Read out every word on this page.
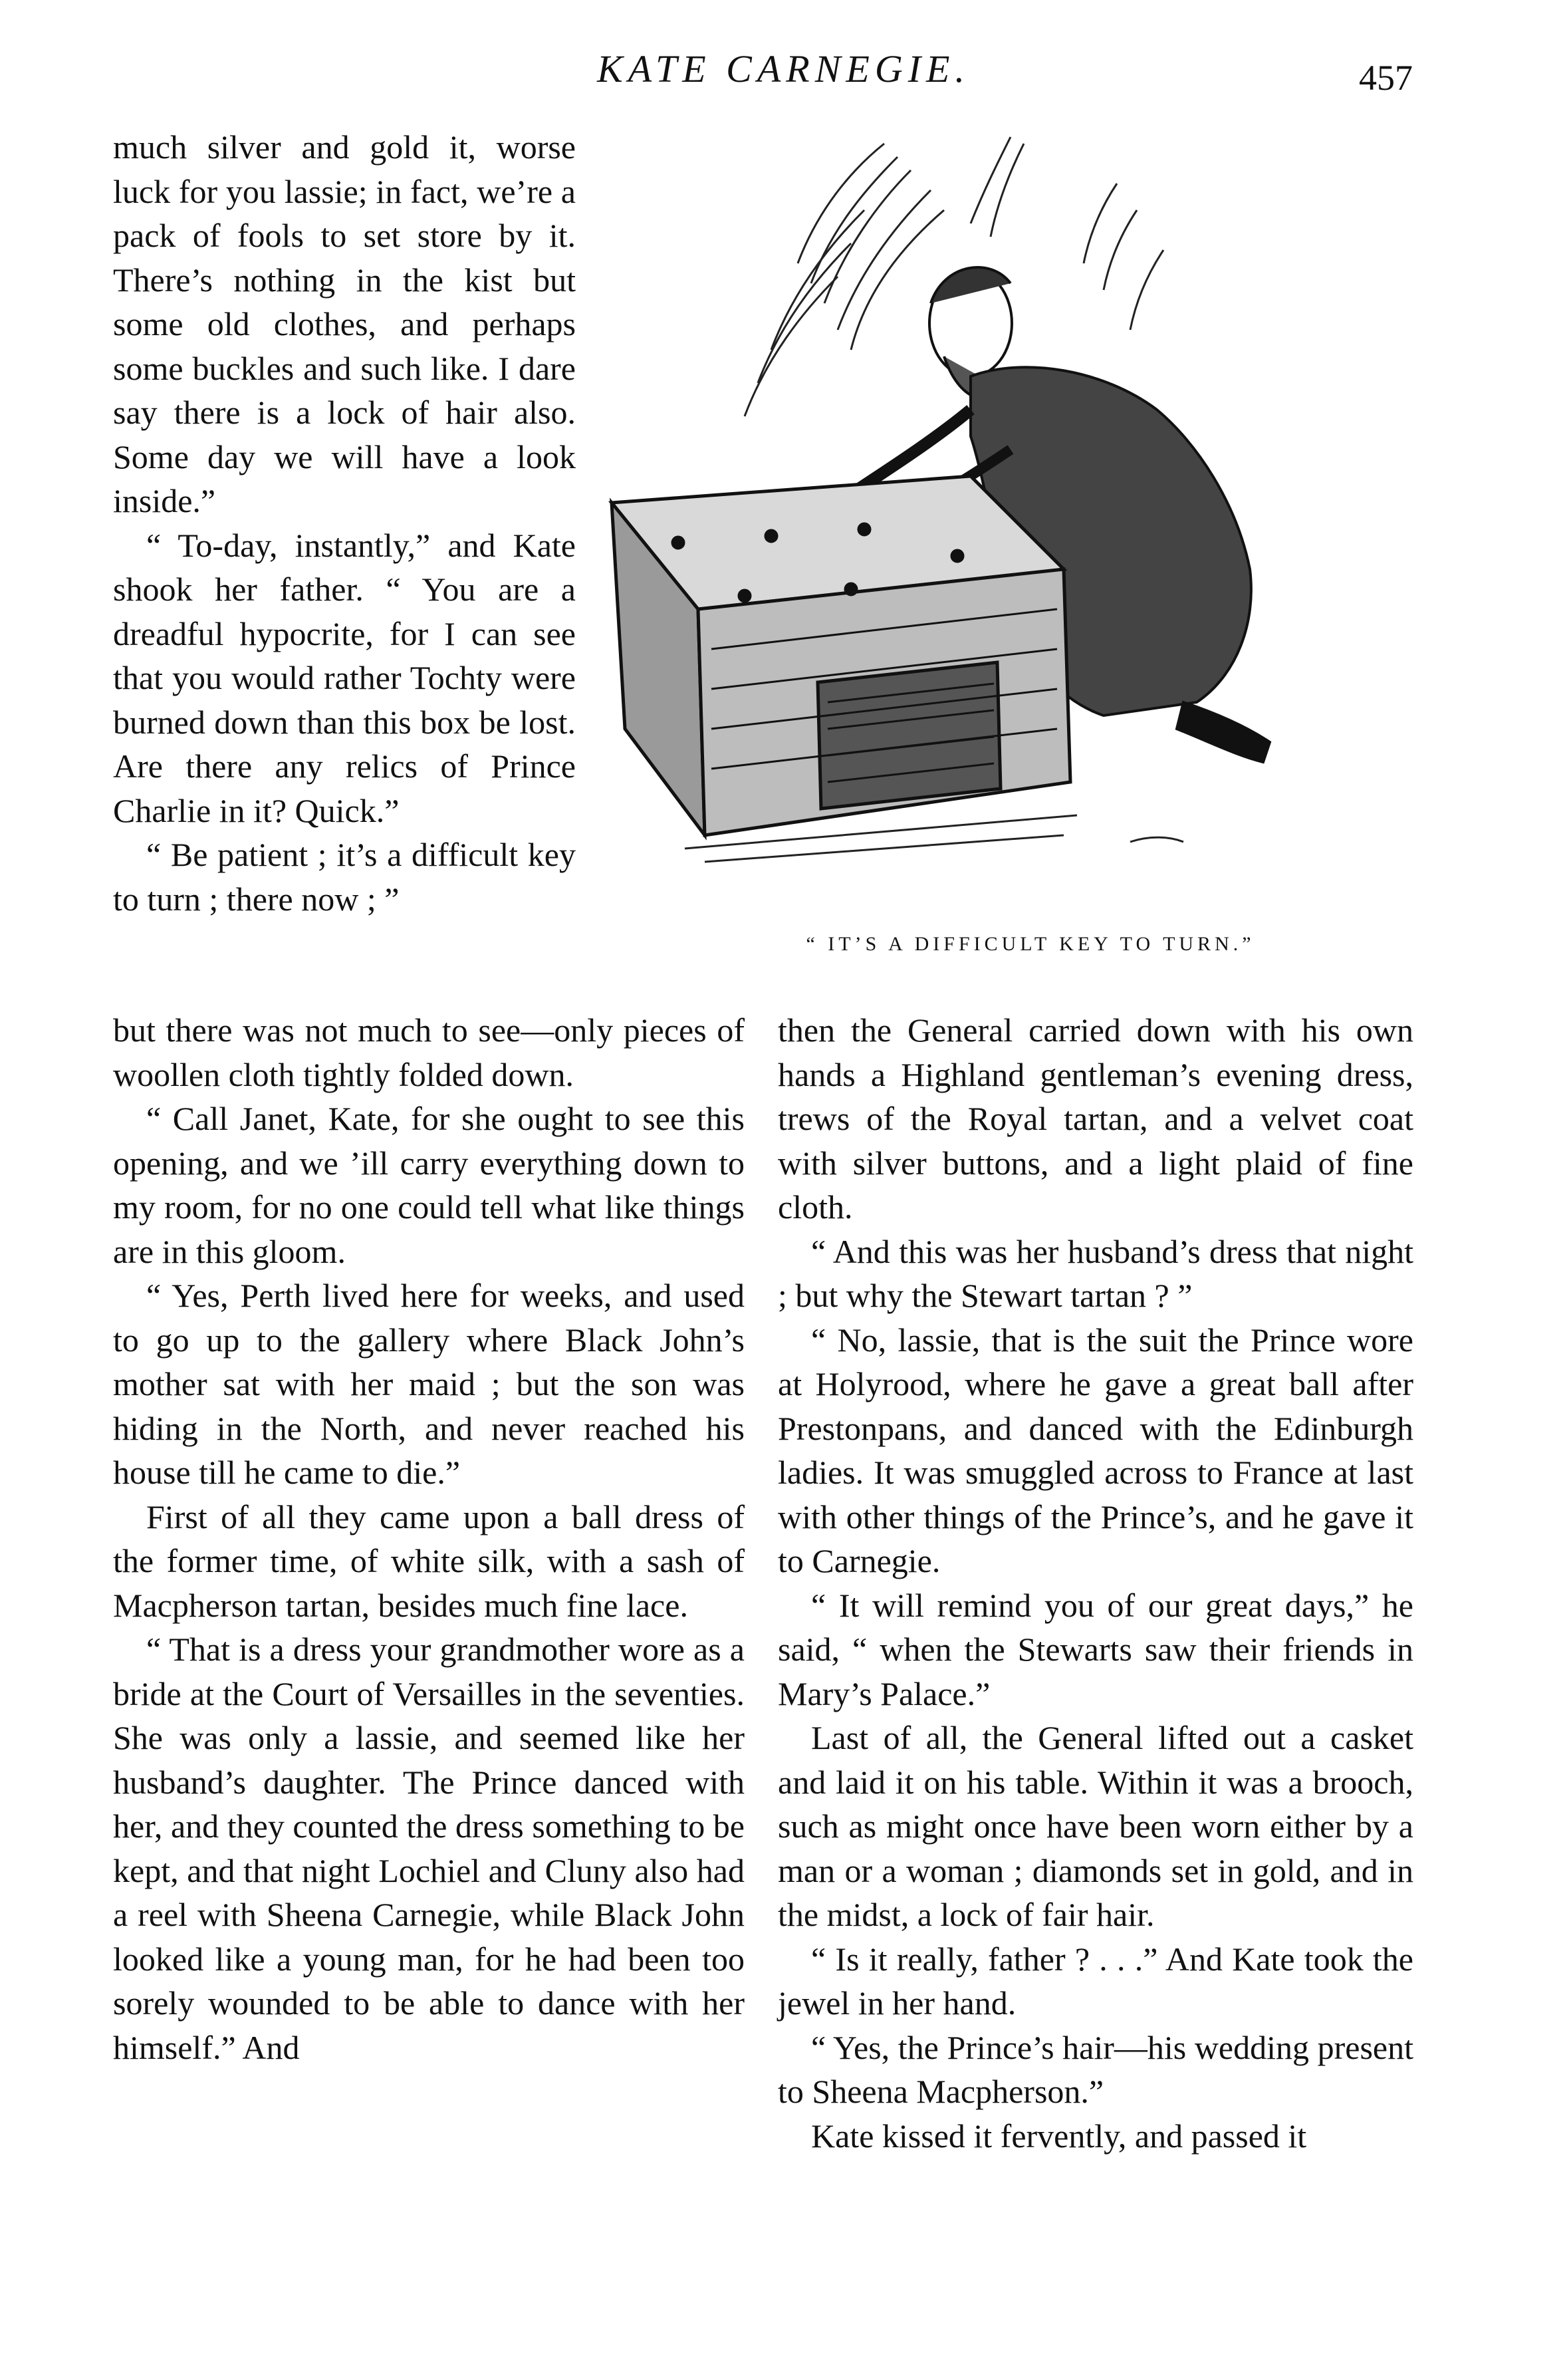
KATE CARNEGIE.	457

much silver and gold it, worse luck for you lassie; in fact, we’re a pack of fools to set store by it. There’s nothing in the kist but some old clothes, and perhaps some buckles and such like. I dare say there is a lock of hair also. Some day we will have a look inside.”

“ To-day, instantly,” and Kate shook her father. “ You are a dreadful hypocrite, for I can see that you would rather Tochty were burned down than this box be lost. Are there any relics of Prince Charlie in it? Quick.”

“ Be patient ; it’s a difficult key to turn ; there now ; ”

“ IT’S A DIFFICULT KEY TO TURN.”

but there was not much to see—only pieces of woollen cloth tightly folded down.

“ Call Janet, Kate, for she ought to see this opening, and we ’ill carry everything down to my room, for no one could tell what like things are in this gloom.

“ Yes, Perth lived here for weeks, and used to go up to the gallery where Black John’s mother sat with her maid ; but the son was hiding in the North, and never reached his house till he came to die.”

First of all they came upon a ball dress of the former time, of white silk, with a sash of Macpherson tartan, besides much fine lace.

“ That is a dress your grandmother wore as a bride at the Court of Versailles in the seventies. She was only a lassie, and seemed like her husband’s daughter. The Prince danced with her, and they counted the dress something to be kept, and that night Lochiel and Cluny also had a reel with Sheena Carnegie, while Black John looked like a young man, for he had been too sorely wounded to be able to dance with her himself.” And

then the General carried down with his own hands a Highland gentleman’s evening dress, trews of the Royal tartan, and a velvet coat with silver buttons, and a light plaid of fine cloth.

“ And this was her husband’s dress that night ; but why the Stewart tartan ? ”

“ No, lassie, that is the suit the Prince wore at Holyrood, where he gave a great ball after Prestonpans, and danced with the Edinburgh ladies. It was smuggled across to France at last with other things of the Prince’s, and he gave it to Carnegie.

“ It will remind you of our great days,” he said, “ when the Stewarts saw their friends in Mary’s Palace.”

Last of all, the General lifted out a casket and laid it on his table. Within it was a brooch, such as might once have been worn either by a man or a woman ; diamonds set in gold, and in the midst, a lock of fair hair.

“ Is it really, father ? . . .” And Kate took the jewel in her hand.

“ Yes, the Prince’s hair—his wedding present to Sheena Macpherson.”

Kate kissed it fervently, and passed it
